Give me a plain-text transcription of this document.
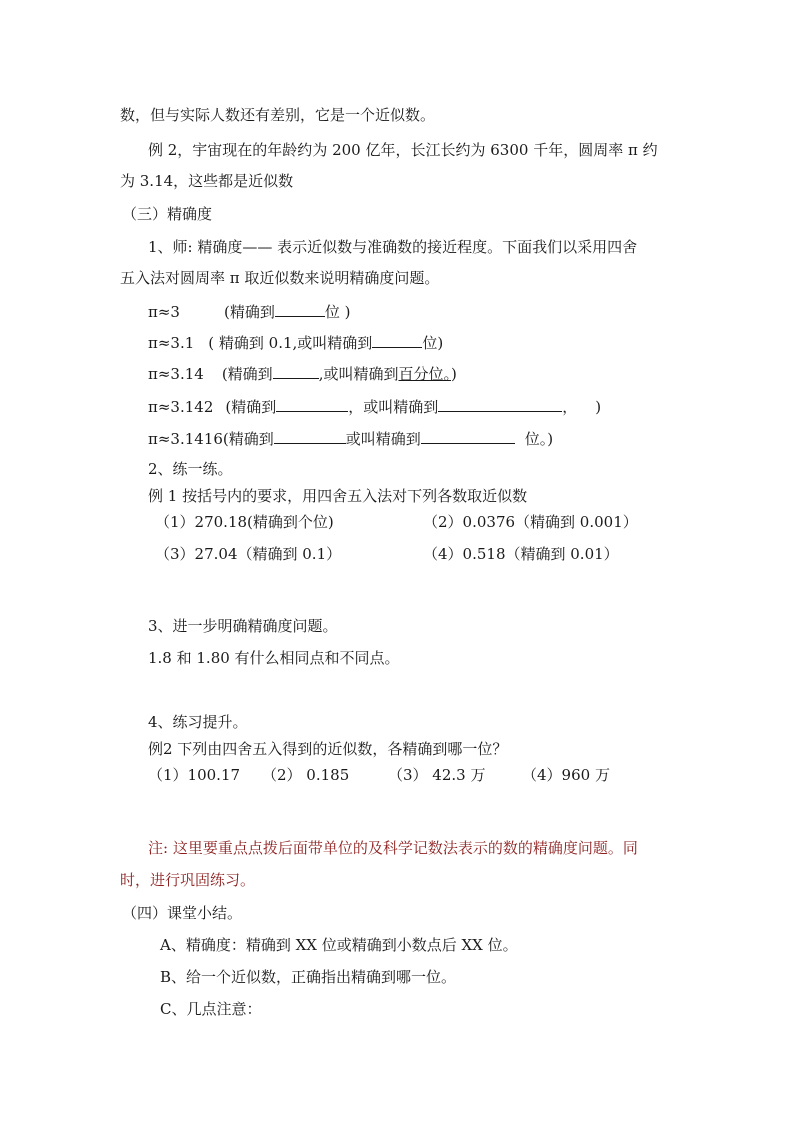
数，但与实际人数还有差别，它是一个近似数。
例 2，宇宙现在的年龄约为 200 亿年，长江长约为 6300 千年，圆周率 π 约
为 3.14，这些都是近似数
（三）精确度
1、师: 精确度—— 表示近似数与准确数的接近程度。下面我们以采用四舍
五入法对圆周率 π 取近似数来说明精确度问题。
π≈3	(精确到	位 )
π≈3.1 ( 精确到 0.1,或叫精确到	位)
π≈3.14 (精确到	,或叫精确到百分位。)
π≈3.142 (精确到	，或叫精确到	， )
π≈3.1416(精确到	或叫精确到	位。)
2、练一练。
例 1 按括号内的要求，用四舍五入法对下列各数取近似数
（1）270.18(精确到个位)	（2）0.0376（精确到 0.001）
（3）27.04（精确到 0.1）	（4）0.518（精确到 0.01）
3、进一步明确精确度问题。
1.8 和 1.80 有什么相同点和不同点。
4、练习提升。
例2 下列由四舍五入得到的近似数，各精确到哪一位？
（1）100.17 （2） 0.185	（3） 42.3 万 （4）960 万
注: 这里要重点点拨后面带单位的及科学记数法表示的数的精确度问题。同
时，进行巩固练习。
（四）课堂小结。
A、精确度：精确到 XX 位或精确到小数点后 XX 位。
B、给一个近似数，正确指出精确到哪一位。
C、几点注意：
